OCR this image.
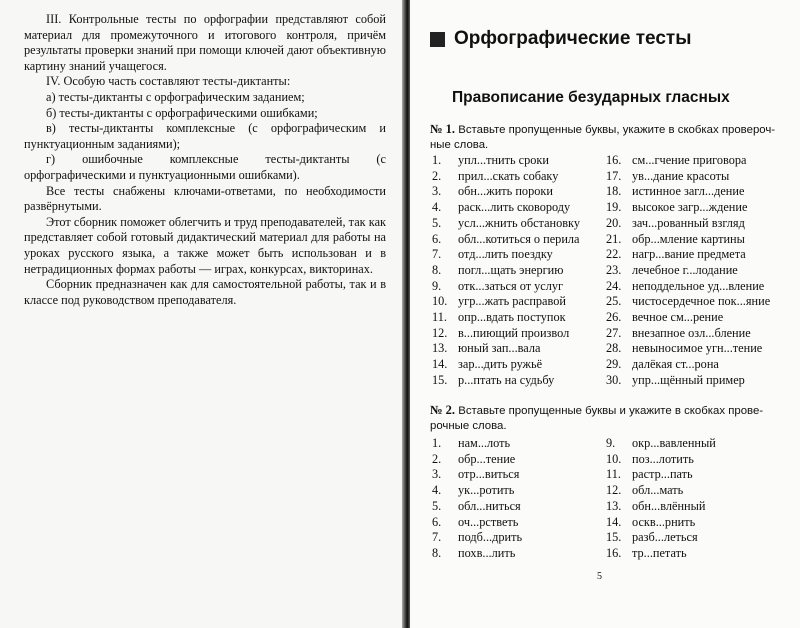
III. Контрольные тесты по орфографии представляют собой материал для промежуточного и итогового контроля, причём результаты проверки знаний при помощи ключей дают объективную картину знаний учащегося.

IV. Особую часть составляют тесты-диктанты:

а) тесты-диктанты с орфографическим заданием;

б) тесты-диктанты с орфографическими ошибками;

в) тесты-диктанты комплексные (с орфографическим и пунктуационным заданиями);

г) ошибочные комплексные тесты-диктанты (с орфографическими и пунктуационными ошибками).

Все тесты снабжены ключами-ответами, по необходимости развёрнутыми.

Этот сборник поможет облегчить и труд преподавателей, так как представляет собой готовый дидактический материал для работы на уроках русского языка, а также может быть использован и в нетрадиционных формах работы — играх, конкурсах, викторинах.

Сборник предназначен как для самостоятельной работы, так и в классе под руководством преподавателя.

Орфографические тесты
Правописание безударных гласных
№ 1. Вставьте пропущенные буквы, укажите в скобках провероч-ные слова.
1. упл...тнить сроки
2. прил...скать собаку
3. обн...жить пороки
4. раск...лить сковороду
5. усл...жнить обстановку
6. обл...котиться о перила
7. отд...лить поездку
8. погл...щать энергию
9. отк...заться от услуг
10. угр...жать расправой
11. опр...вдать поступок
12. в...пиющий произвол
13. юный зап...вала
14. зар...дить ружьё
15. р...птать на судьбу
16. см...гчение приговора
17. ув...дание красоты
18. истинное загл...дение
19. высокое загр...ждение
20. зач...рованный взгляд
21. обр...мление картины
22. нагр...вание предмета
23. лечебное г...лодание
24. неподдельное уд...вление
25. чистосердечное пок...яние
26. вечное см...рение
27. внезапное озл...бление
28. невыносимое угн...тение
29. далёкая ст...рона
30. упр...щённый пример
№ 2. Вставьте пропущенные буквы и укажите в скобках прове-рочные слова.
1. нам...лоть
2. обр...тение
3. отр...виться
4. ук...ротить
5. обл...ниться
6. оч...рстветь
7. подб...дрить
8. похв...лить
9. окр...вавленный
10. поз...лотить
11. растр...пать
12. обл...мать
13. обн...влённый
14. оскв...рнить
15. разб...леться
16. тр...петать
5
